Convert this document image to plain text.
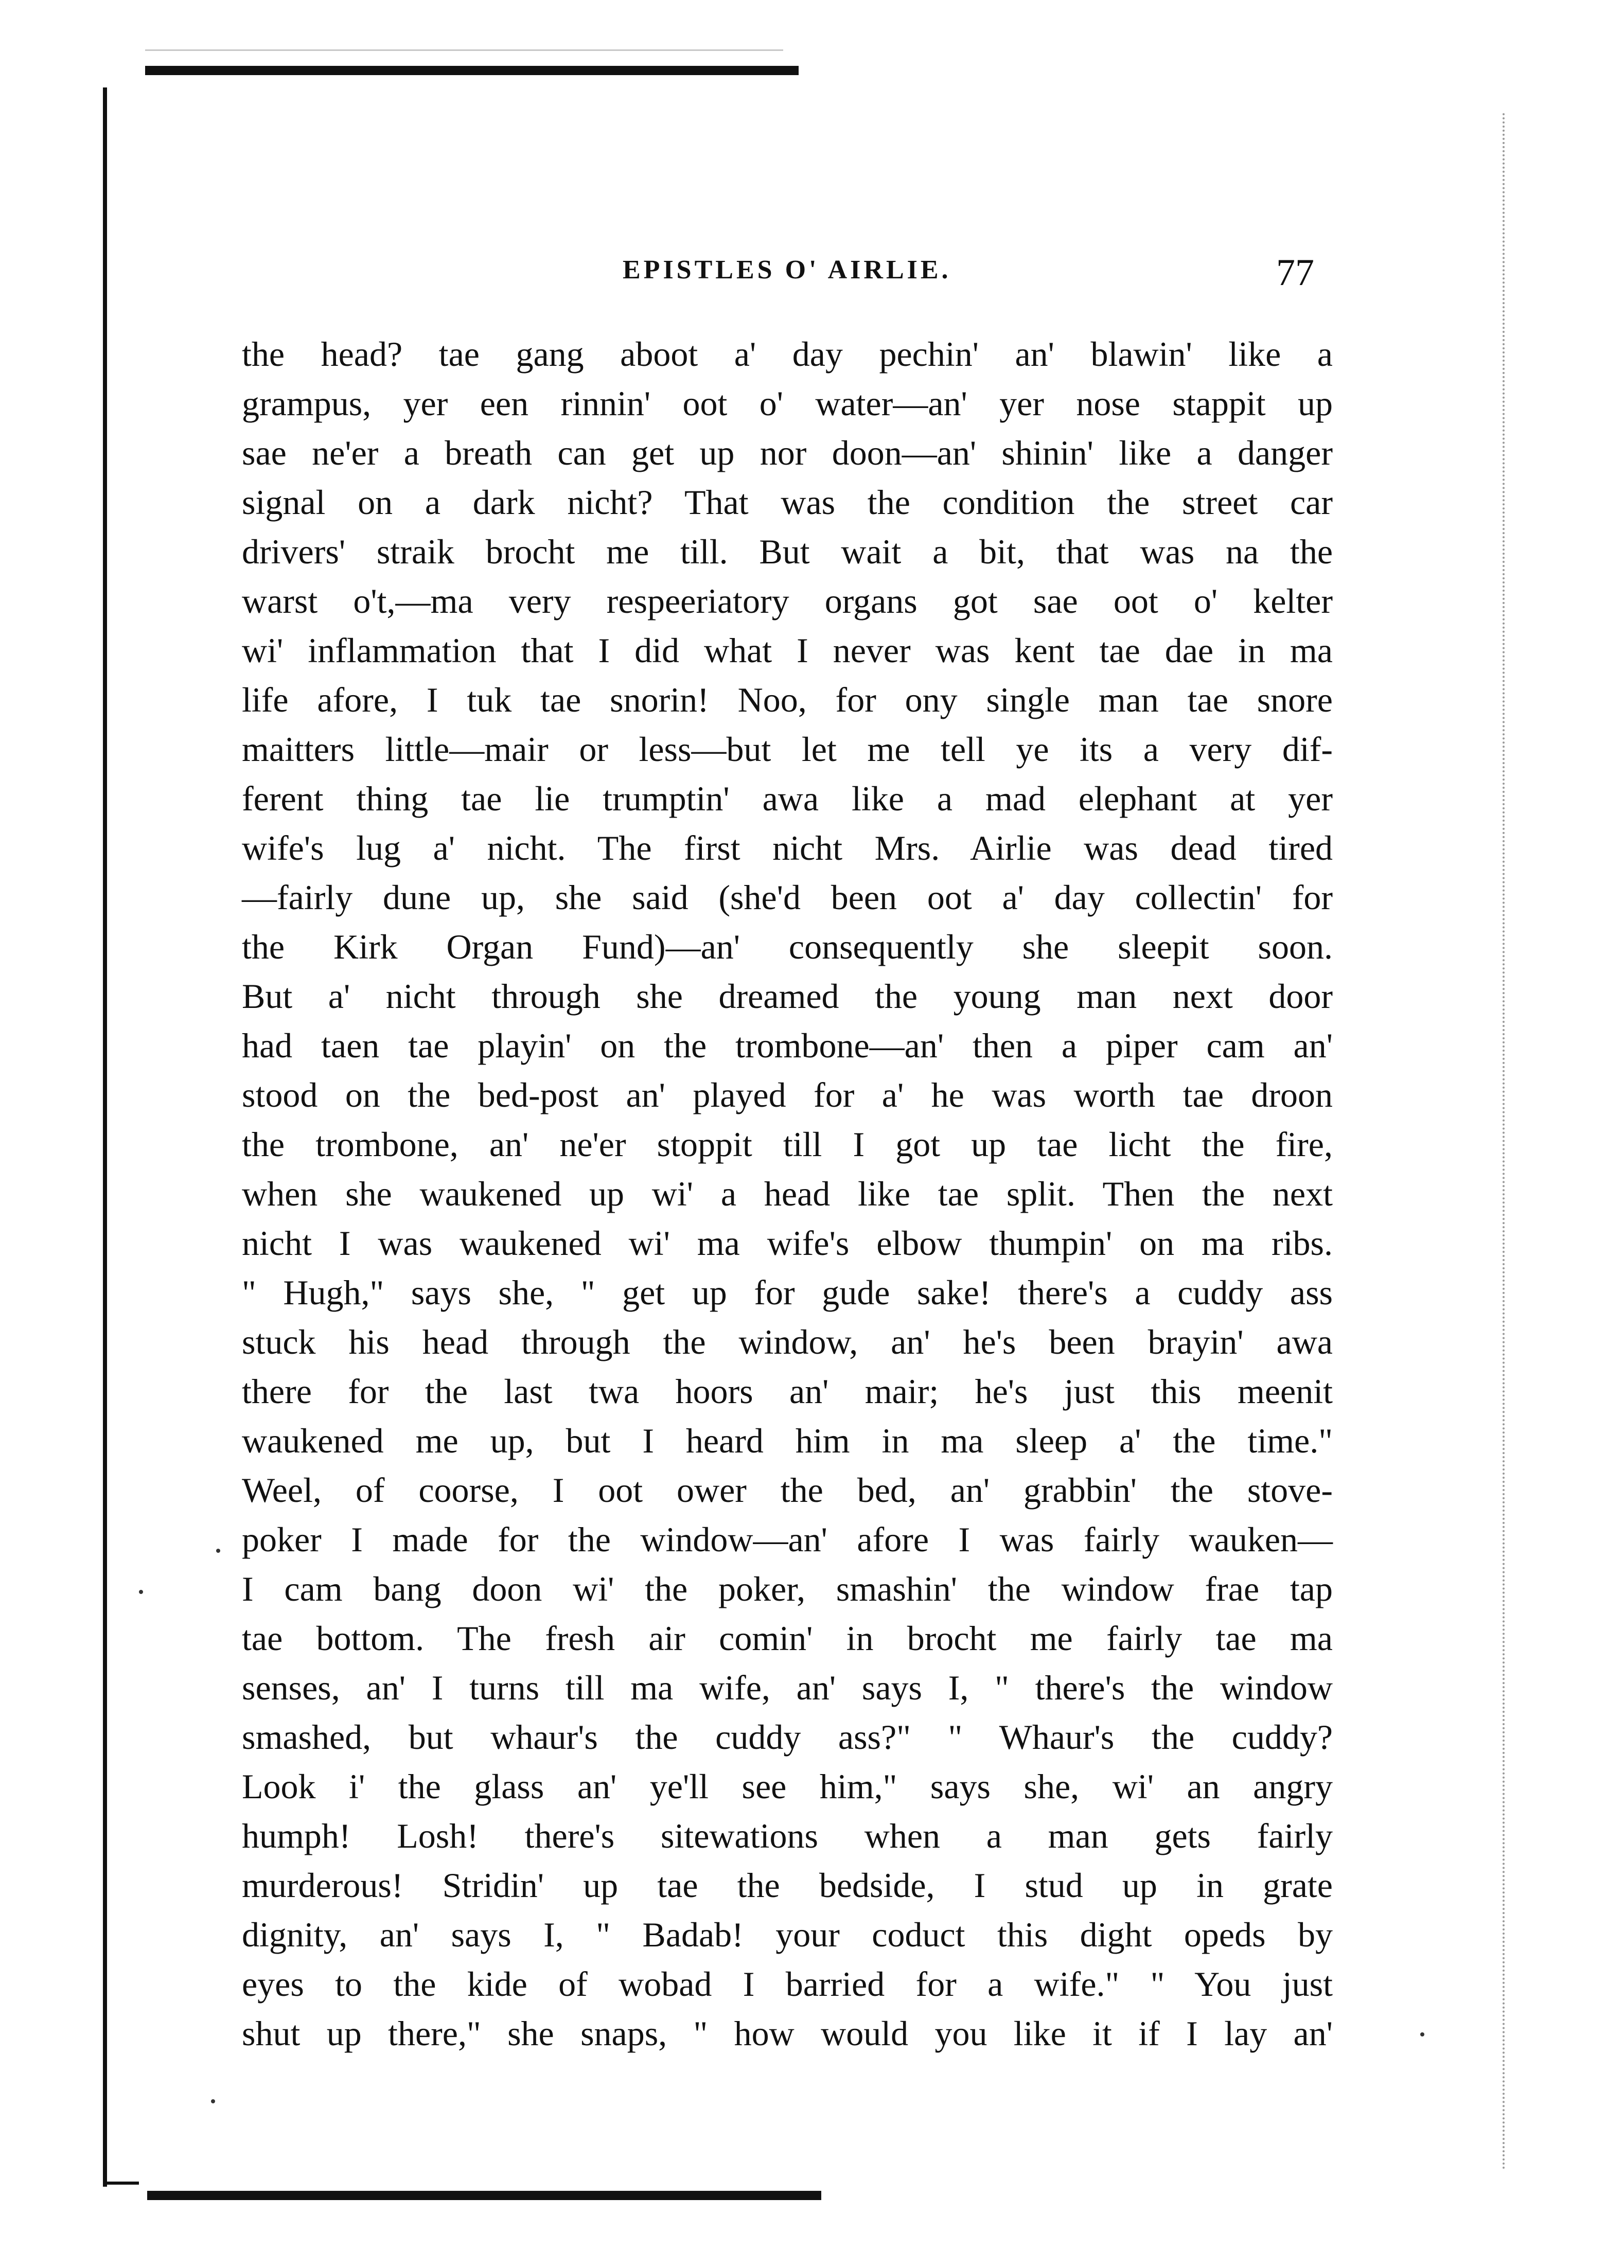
EPISTLES O' AIRLIE.	77
the head? tae gang aboot a' day pechin' an' blawin' like a
grampus, yer een rinnin' oot o' water—an' yer nose stappit up
sae ne'er a breath can get up nor doon—an' shinin' like a danger
signal on a dark nicht? That was the condition the street car
drivers' straik brocht me till. But wait a bit, that was na the
warst o't,—ma very respeeriatory organs got sae oot o' kelter
wi' inflammation that I did what I never was kent tae dae in ma
life afore, I tuk tae snorin! Noo, for ony single man tae snore
maitters little—mair or less—but let me tell ye its a very dif-
ferent thing tae lie trumptin' awa like a mad elephant at yer
wife's lug a' nicht. The first nicht Mrs. Airlie was dead tired
—fairly dune up, she said (she'd been oot a' day collectin' for
the Kirk Organ Fund)—an' consequently she sleepit soon.
But a' nicht through she dreamed the young man next door
had taen tae playin' on the trombone—an' then a piper cam an'
stood on the bed-post an' played for a' he was worth tae droon
the trombone, an' ne'er stoppit till I got up tae licht the fire,
when she waukened up wi' a head like tae split. Then the next
nicht I was waukened wi' ma wife's elbow thumpin' on ma ribs.
" Hugh," says she, " get up for gude sake! there's a cuddy ass
stuck his head through the window, an' he's been brayin' awa
there for the last twa hoors an' mair; he's just this meenit
waukened me up, but I heard him in ma sleep a' the time."
Weel, of coorse, I oot ower the bed, an' grabbin' the stove-
poker I made for the window—an' afore I was fairly wauken—
I cam bang doon wi' the poker, smashin' the window frae tap
tae bottom. The fresh air comin' in brocht me fairly tae ma
senses, an' I turns till ma wife, an' says I, " there's the window
smashed, but whaur's the cuddy ass?" " Whaur's the cuddy?
Look i' the glass an' ye'll see him," says she, wi' an angry
humph! Losh! there's sitewations when a man gets fairly
murderous! Stridin' up tae the bedside, I stud up in grate
dignity, an' says I, " Badab! your coduct this dight opeds by
eyes to the kide of wobad I barried for a wife." " You just
shut up there," she snaps, " how would you like it if I lay an'
